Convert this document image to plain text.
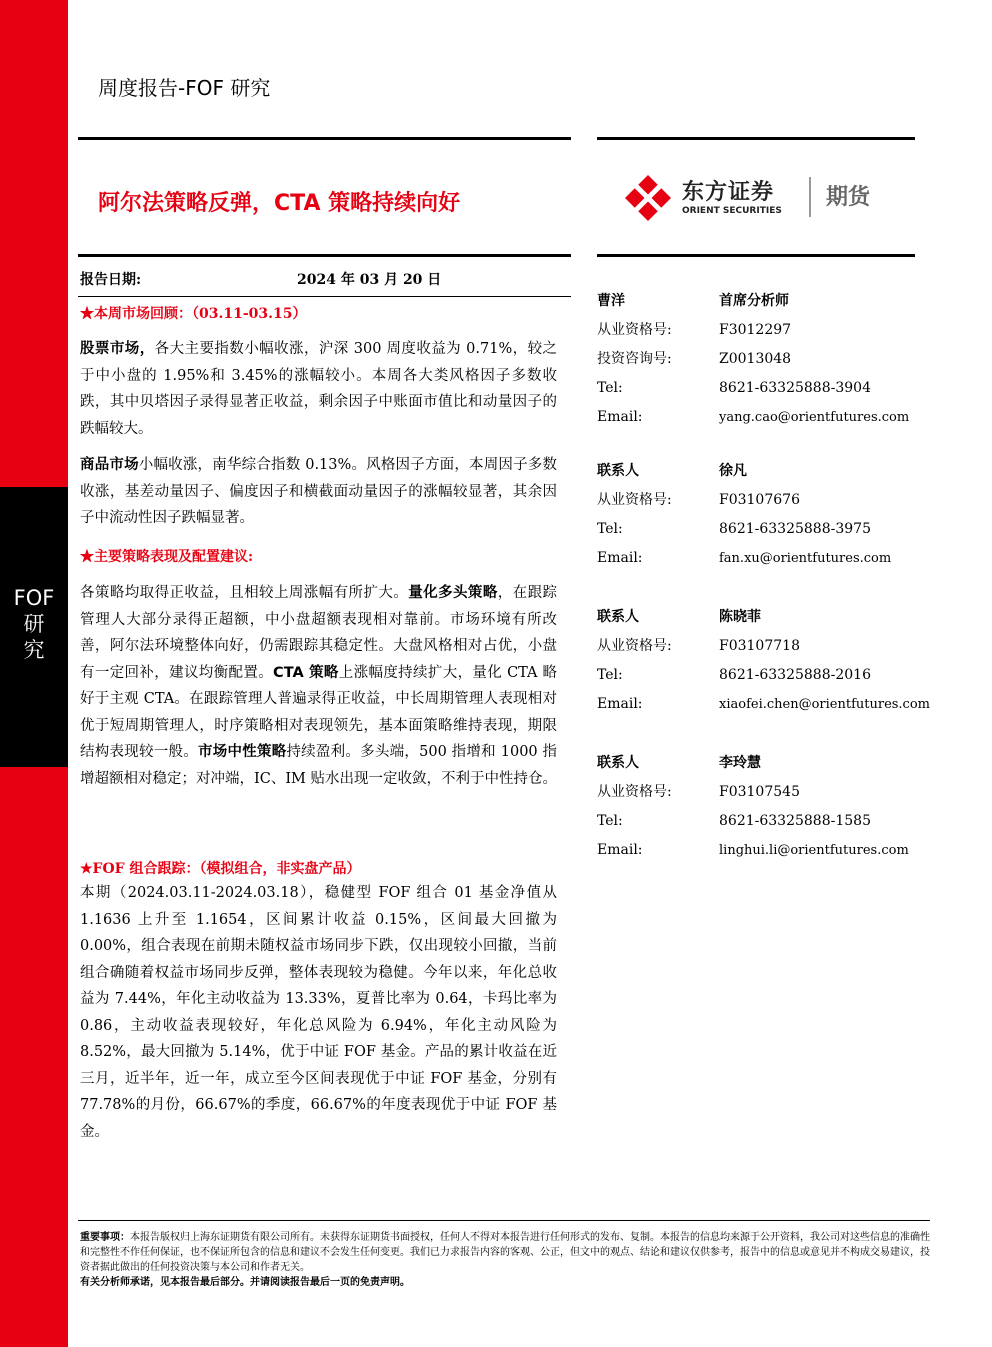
FOF
研
究
周度报告-FOF 研究
阿尔法策略反弹，CTA 策略持续向好	东方证券
ORIENT SECURITIES
期货
报告日期:	2024 年 03 月 20 日
★本周市场回顾：（03.11-03.15）
股票市场，各大主要指数小幅收涨，沪深 300 周度收益为 0.71%，较之于中小盘的 1.95%和 3.45%的涨幅较小。本周各大类风格因子多数收跌，其中贝塔因子录得显著正收益，剩余因子中账面市值比和动量因子的跌幅较大。
商品市场小幅收涨，南华综合指数 0.13%。风格因子方面，本周因子多数收涨，基差动量因子、偏度因子和横截面动量因子的涨幅较显著，其余因子中流动性因子跌幅显著。
★主要策略表现及配置建议:
各策略均取得正收益，且相较上周涨幅有所扩大。量化多头策略，在跟踪管理人大部分录得正超额，中小盘超额表现相对靠前。市场环境有所改善，阿尔法环境整体向好，仍需跟踪其稳定性。大盘风格相对占优，小盘有一定回补，建议均衡配置。CTA 策略上涨幅度持续扩大，量化 CTA 略好于主观 CTA。在跟踪管理人普遍录得正收益，中长周期管理人表现相对优于短周期管理人，时序策略相对表现领先，基本面策略维持表现，期限结构表现较一般。市场中性策略持续盈利。多头端，500 指增和 1000 指增超额相对稳定；对冲端，IC、IM 贴水出现一定收敛，不利于中性持仓。
★FOF 组合跟踪：（模拟组合，非实盘产品）
本期（2024.03.11-2024.03.18），稳健型 FOF 组合 01 基金净值从 1.1636 上升至 1.1654，区间累计收益 0.15%，区间最大回撤为 0.00%，组合表现在前期未随权益市场同步下跌，仅出现较小回撤，当前组合确随着权益市场同步反弹，整体表现较为稳健。今年以来，年化总收益为 7.44%，年化主动收益为 13.33%，夏普比率为 0.64，卡玛比率为 0.86，主动收益表现较好，年化总风险为 6.94%，年化主动风险为 8.52%，最大回撤为 5.14%，优于中证 FOF 基金。产品的累计收益在近三月，近半年，近一年，成立至今区间表现优于中证 FOF 基金，分别有 77.78%的月份，66.67%的季度，66.67%的年度表现优于中证 FOF 基金。
曹洋	首席分析师
从业资格号:	F3012297
投资咨询号:	Z0013048
Tel:	8621-63325888-3904
Email:	yang.cao@orientfutures.com
联系人	徐凡
从业资格号:	F03107676
Tel:	8621-63325888-3975
Email:	fan.xu@orientfutures.com
联系人	陈晓菲
从业资格号:	F03107718
Tel:	8621-63325888-2016
Email:	xiaofei.chen@orientfutures.com
联系人	李玲慧
从业资格号:	F03107545
Tel:	8621-63325888-1585
Email:	linghui.li@orientfutures.com
重要事项：本报告版权归上海东证期货有限公司所有。未获得东证期货书面授权，任何人不得对本报告进行任何形式的发布、复制。本报告的信息均来源于公开资料，我公司对这些信息的准确性和完整性不作任何保证，也不保证所包含的信息和建议不会发生任何变更。我们已力求报告内容的客观、公正，但文中的观点、结论和建议仅供参考，报告中的信息或意见并不构成交易建议，投资者据此做出的任何投资决策与本公司和作者无关。
有关分析师承诺，见本报告最后部分。并请阅读报告最后一页的免责声明。
